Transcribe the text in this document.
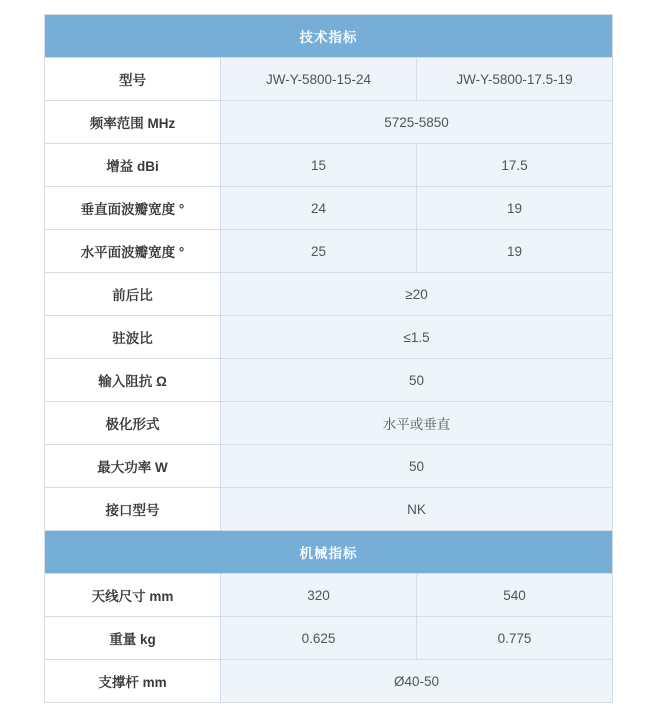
技术指标		
型号	JW-Y-5800-15-24	JW-Y-5800-17.5-19
频率范围 MHz	5725-5850	
增益 dBi	15	17.5
垂直面波瓣宽度 °	24	19
水平面波瓣宽度 °	25	19
前后比	≥20	
驻波比	≤1.5	
输入阻抗 Ω	50	
极化形式	水平或垂直	
最大功率 W	50	
接口型号	NK	
机械指标		
天线尺寸 mm	320	540
重量 kg	0.625	0.775
支撑杆 mm	Ø40-50	
